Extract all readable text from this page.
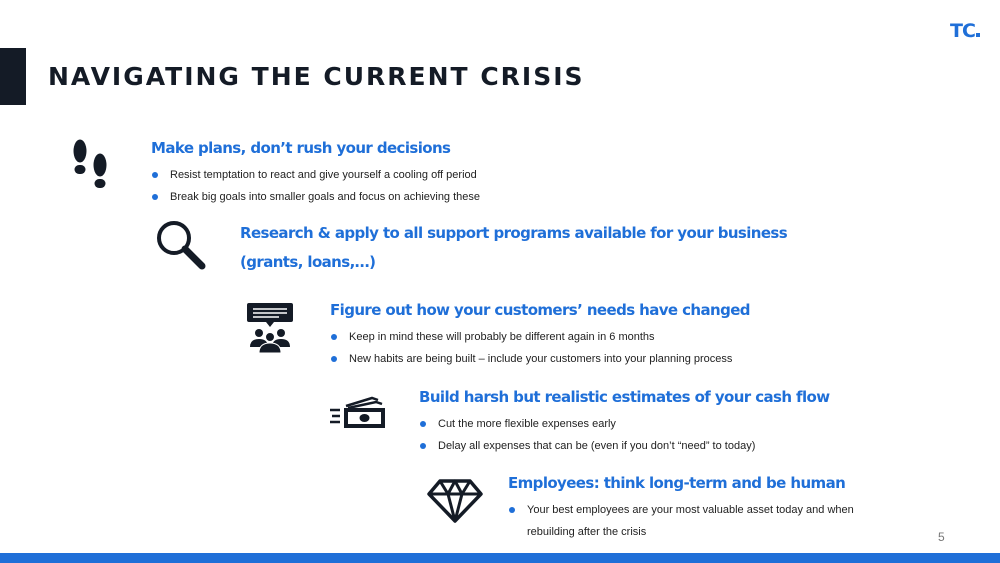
NAVIGATING THE CURRENT CRISIS
TC
Make plans, don’t rush your decisions
Resist temptation to react and give yourself a cooling off period
Break big goals into smaller goals and focus on achieving these
Research & apply to all support programs available for your business
(grants, loans,…)
Figure out how your customers’ needs have changed
Keep in mind these will probably be different again in 6 months
New habits are being built – include your customers into your planning process
Build harsh but realistic estimates of your cash flow
Cut the more flexible expenses early
Delay all expenses that can be (even if you don’t “need” to today)
Employees: think long-term and be human
Your best employees are your most valuable asset today and when rebuilding after the crisis	5
